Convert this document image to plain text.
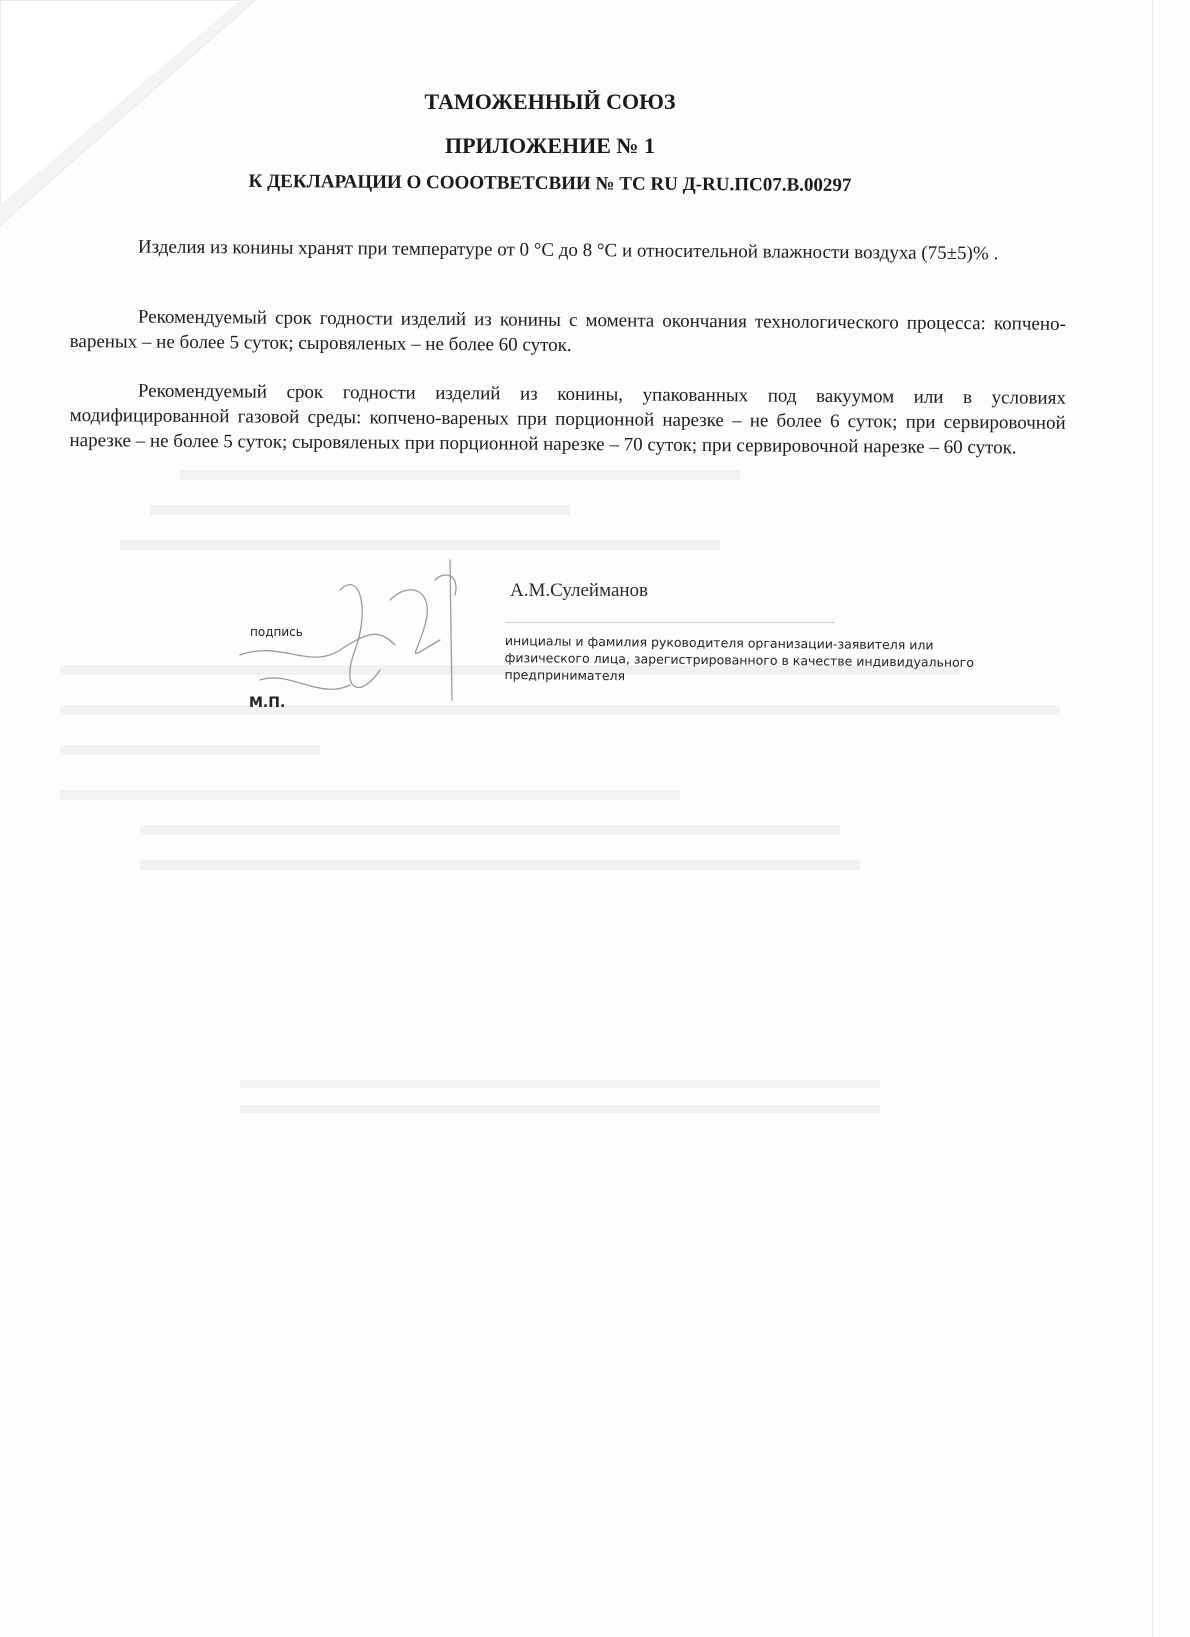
ТАМОЖЕННЫЙ СОЮЗ
ПРИЛОЖЕНИЕ № 1
К ДЕКЛАРАЦИИ О СОООТВЕТСВИИ № ТС RU Д-RU.ПС07.В.00297

Изделия из конины хранят при температуре от 0 °С до 8 °С и относительной влажности воздуха (75±5)% .

Рекомендуемый срок годности изделий из конины с момента окончания технологического процесса: копчено-вареных – не более 5 суток; сыровяленых – не более 60 суток.

Рекомендуемый срок годности изделий из конины, упакованных под вакуумом или в условиях модифицированной газовой среды: копчено-вареных при порционной нарезке – не более 6 суток; при сервировочной нарезке – не более 5 суток; сыровяленых при порционной нарезке – 70 суток; при сервировочной нарезке – 60 суток.

А.М.Сулейманов
инициалы и фамилия руководителя организации-заявителя или физического лица, зарегистрированного в качестве индивидуального предпринимателя
подпись
М.П.
